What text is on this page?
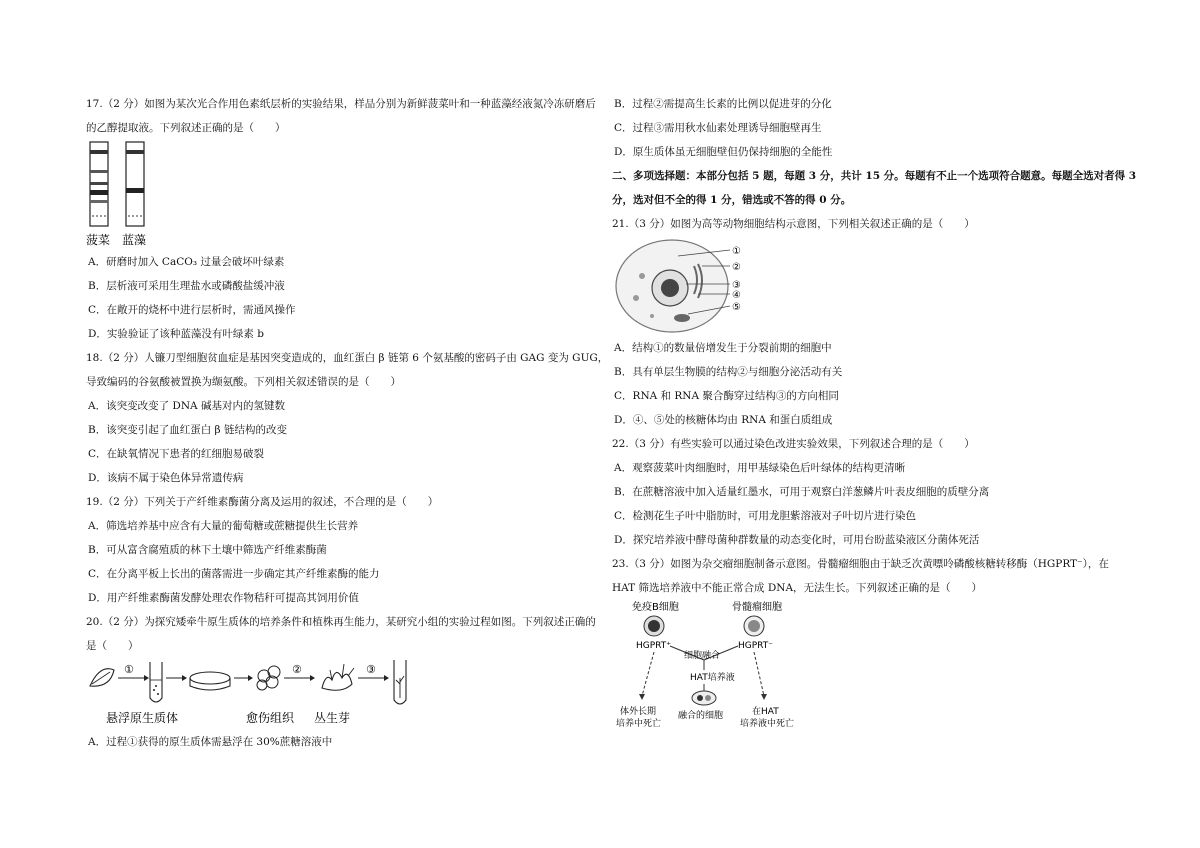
17.（2 分）如图为某次光合作用色素纸层析的实验结果，样品分别为新鲜菠菜叶和一种蓝藻经液氮冷冻研磨后

的乙醇提取液。下列叙述正确的是（　　）

菠菜 蓝藻

A．研磨时加入 CaCO₃ 过量会破坏叶绿素

B．层析液可采用生理盐水或磷酸盐缓冲液

C．在敞开的烧杯中进行层析时，需通风操作

D．实验验证了该种蓝藻没有叶绿素 b

18.（2 分）人镰刀型细胞贫血症是基因突变造成的，血红蛋白 β 链第 6 个氨基酸的密码子由 GAG 变为 GUG，

导致编码的谷氨酸被置换为缬氨酸。下列相关叙述错误的是（　　）

A．该突变改变了 DNA 碱基对内的氢键数

B．该突变引起了血红蛋白 β 链结构的改变

C．在缺氧情况下患者的红细胞易破裂

D．该病不属于染色体异常遗传病

19.（2 分）下列关于产纤维素酶菌分离及运用的叙述，不合理的是（　　）

A．筛选培养基中应含有大量的葡萄糖或蔗糖提供生长营养

B．可从富含腐殖质的林下土壤中筛选产纤维素酶菌

C．在分离平板上长出的菌落需进一步确定其产纤维素酶的能力

D．用产纤维素酶菌发酵处理农作物秸秆可提高其饲用价值

20.（2 分）为探究矮牵牛原生质体的培养条件和植株再生能力，某研究小组的实验过程如图。下列叙述正确的

是（　　）

①	②	③
悬浮原生质体	愈伤组织 丛生芽

A．过程①获得的原生质体需悬浮在 30%蔗糖溶液中

B．过程②需提高生长素的比例以促进芽的分化

C．过程③需用秋水仙素处理诱导细胞壁再生

D．原生质体虽无细胞壁但仍保持细胞的全能性

二、多项选择题：本部分包括 5 题，每题 3 分，共计 15 分。每题有不止一个选项符合题意。每题全选对者得 3

分，选对但不全的得 1 分，错选或不答的得 0 分。

21.（3 分）如图为高等动物细胞结构示意图，下列相关叙述正确的是（　　）

①
②
③
④
⑤

A．结构①的数量倍增发生于分裂前期的细胞中

B．具有单层生物膜的结构②与细胞分泌活动有关

C．RNA 和 RNA 聚合酶穿过结构③的方向相同

D．④、⑤处的核糖体均由 RNA 和蛋白质组成

22.（3 分）有些实验可以通过染色改进实验效果，下列叙述合理的是（　　）

A．观察菠菜叶肉细胞时，用甲基绿染色后叶绿体的结构更清晰

B．在蔗糖溶液中加入适量红墨水，可用于观察白洋葱鳞片叶表皮细胞的质壁分离

C．检测花生子叶中脂肪时，可用龙胆紫溶液对子叶切片进行染色

D．探究培养液中酵母菌种群数量的动态变化时，可用台盼蓝染液区分菌体死活

23.（3 分）如图为杂交瘤细胞制备示意图。骨髓瘤细胞由于缺乏次黄嘌呤磷酸核糖转移酶（HGPRT⁻），在

HAT 筛选培养液中不能正常合成 DNA，无法生长。下列叙述正确的是（　　）

免疫B细胞	骨髓瘤细胞
HGPRT⁺	HGPRT⁻
细胞融合
HAT培养液
体外长期
培养中死亡
融合的细胞	在HAT
培养液中死亡
